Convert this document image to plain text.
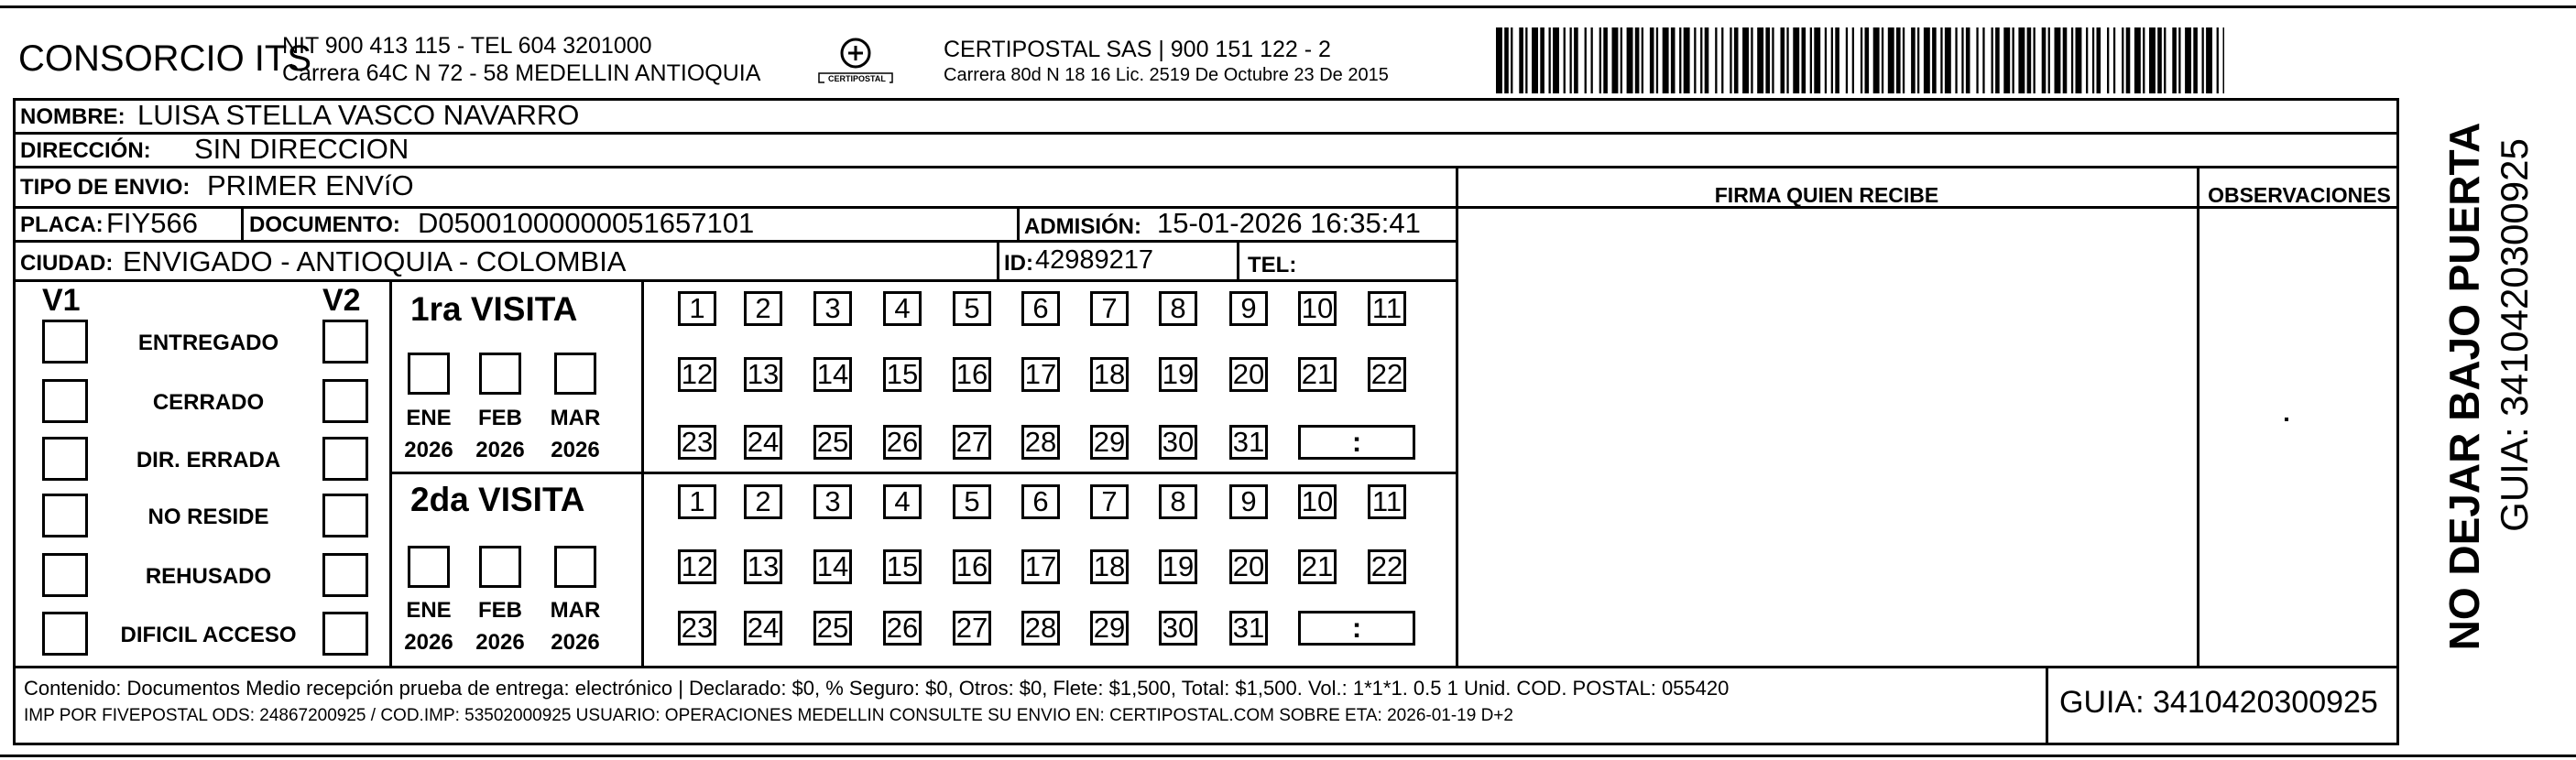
CONSORCIO ITS
NIT 900 413 115 - TEL 604 3201000
Carrera 64C N 72 - 58 MEDELLIN ANTIOQUIA	CERTIPOSTAL
CERTIPOSTAL SAS | 900 151 122 - 2
Carrera 80d N 18 16 Lic. 2519 De Octubre 23 De 2015
NOMBRE: LUISA STELLA VASCO NAVARRO
DIRECCIÓN: SIN DIRECCION
TIPO DE ENVIO: PRIMER ENVíO
PLACA: FIY566 DOCUMENTO: D05001000000051657101	ADMISIÓN: 15-01-2026 16:35:41
CIUDAD: ENVIGADO - ANTIOQUIA - COLOMBIA	ID: 42989217	TEL:
FIRMA QUIEN RECIBE	OBSERVACIONES
V1	V2
ENTREGADO
CERRADO
DIR. ERRADA
NO RESIDE
REHUSADO
DIFICIL ACCESO
1ra VISITA
2da VISITA
ENE
2026
FEB
2026
MAR
2026
ENE
2026
FEB
2026
MAR
2026
1	2	3	4	5	6	7	8	9	10 11
12 13 14 15 16 17 18 19 20 21 22
23 24 25 26 27 28 29 30 31	:
1	2	3	4	5	6	7	8	9	10 11
12 13 14 15 16 17 18 19 20 21 22
23 24 25 26 27 28 29 30 31	:
Contenido: Documentos Medio recepción prueba de entrega: electrónico | Declarado: $0, % Seguro: $0, Otros: $0, Flete: $1,500, Total: $1,500. Vol.: 1*1*1. 0.5 1 Unid. COD. POSTAL: 055420
IMP POR FIVEPOSTAL ODS: 24867200925 / COD.IMP: 53502000925 USUARIO: OPERACIONES MEDELLIN CONSULTE SU ENVIO EN: CERTIPOSTAL.COM SOBRE ETA: 2026-01-19 D+2	GUIA: 3410420300925
NO DEJAR BAJO PUERTA GUIA: 3410420300925
